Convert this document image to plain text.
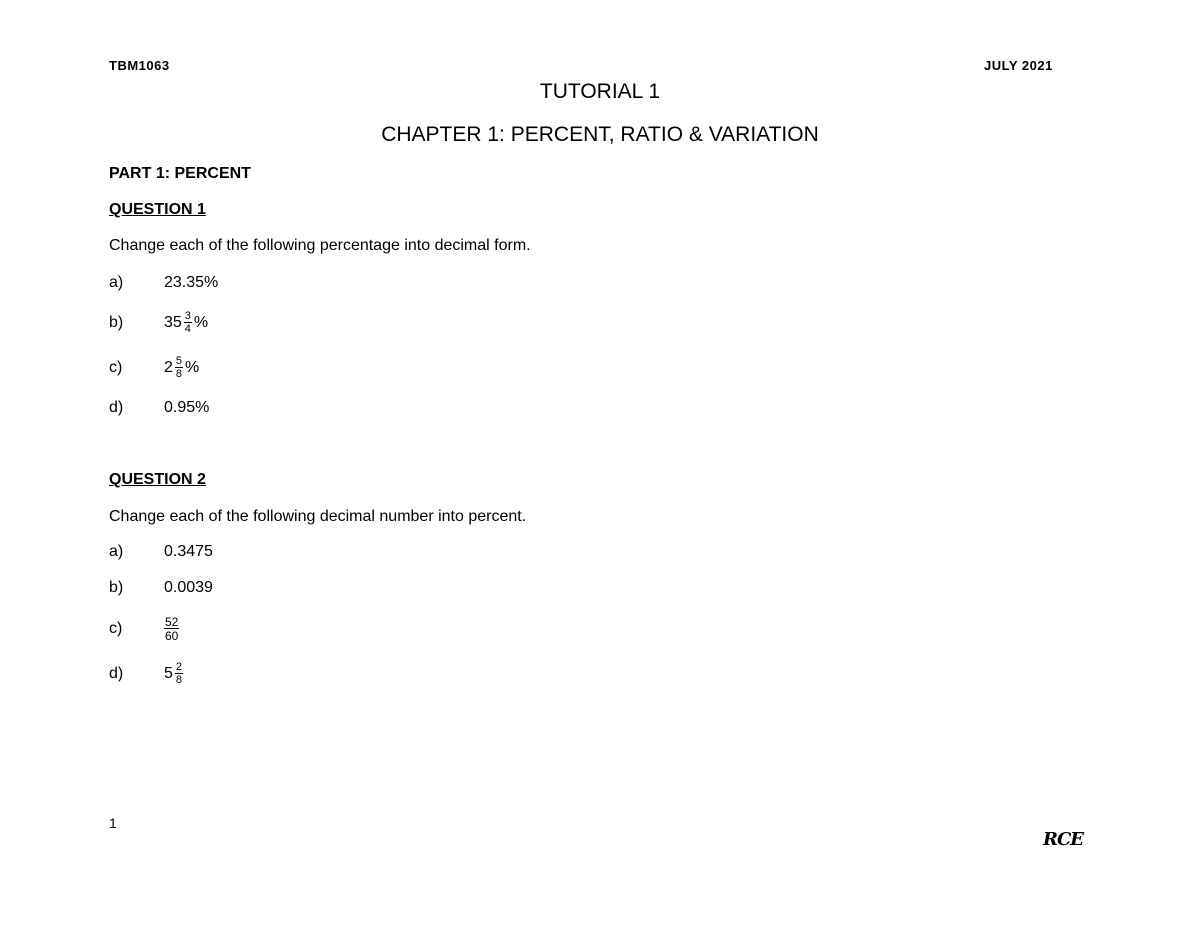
TBM1063	JULY 2021
TUTORIAL 1
CHAPTER 1: PERCENT, RATIO & VARIATION
PART 1: PERCENT
QUESTION 1
Change each of the following percentage into decimal form.
a)	23.35%
b)	$35 \frac{3}{4}$ %
c)	$2 \frac{5}{8}$ %
d)	0.95%
QUESTION 2
Change each of the following decimal number into percent.
a)	0.3475
b)	0.0039
c)	$\frac{52}{60}$
d)	$5 \frac{2}{8}$
1
RCE
